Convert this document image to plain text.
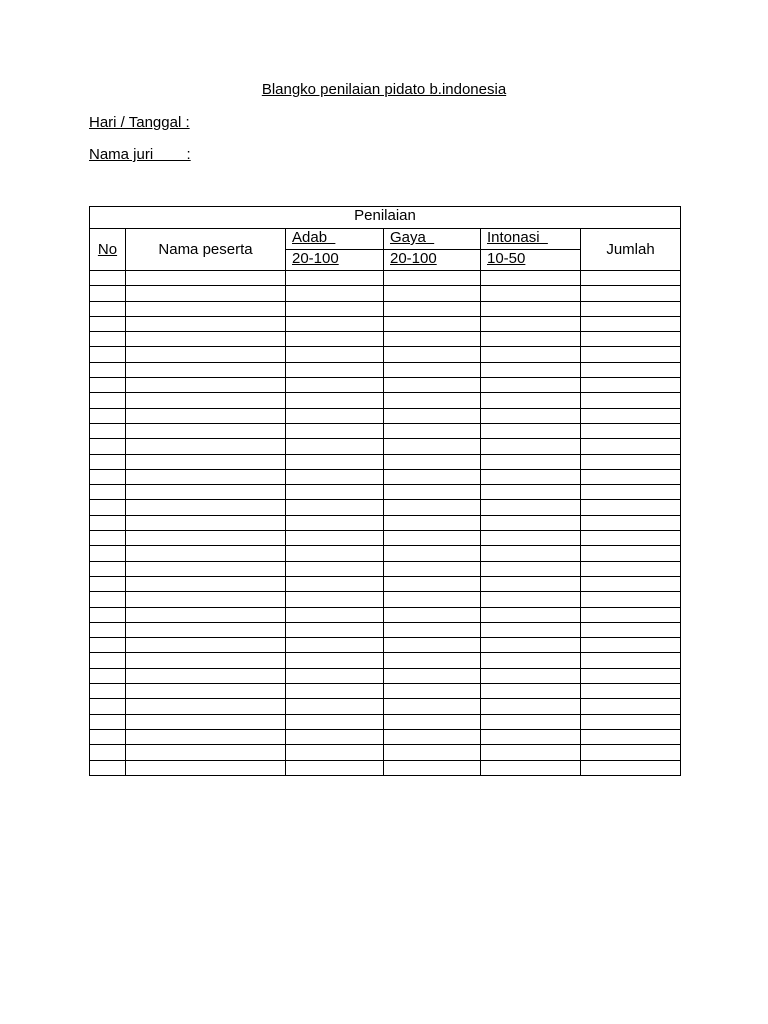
Blangko penilaian pidato b.indonesia
Hari / Tanggal :
Nama juri        :
Penilaian					
No	Nama peserta	Adab	Gaya	Intonasi	Jumlah
		20-100	20-100	10-50	
